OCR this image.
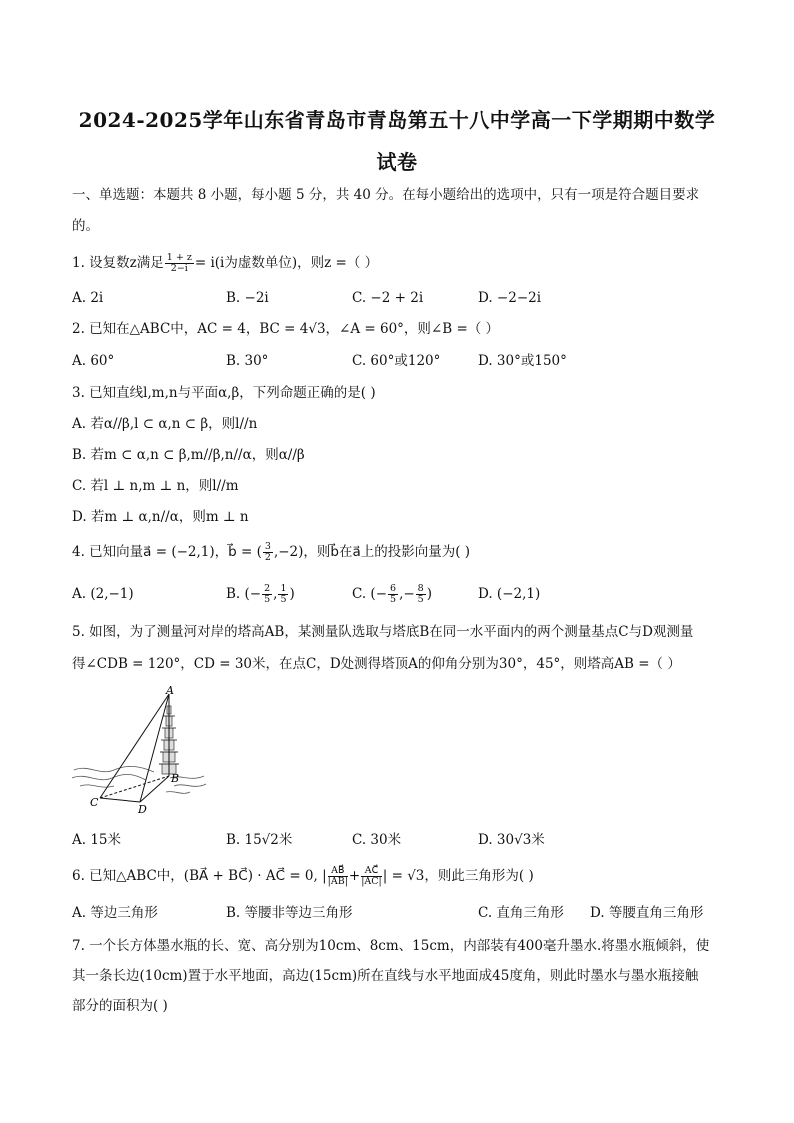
2024-2025学年山东省青岛市青岛第五十八中学高一下学期期中数学
试卷
一、单选题：本题共 8 小题，每小题 5 分，共 40 分。在每小题给出的选项中，只有一项是符合题目要求
的。
1. 设复数z满足 $\frac{1 + z}{2-i} = i(i$为虚数单位)，则z =（ ）
A. 2i	B. −2i	C. −2 + 2i	D. −2−2i
2. 已知在△ABC中，AC = 4，BC = 4√3，∠A = 60°，则∠B =（ ）
A. 60°	B. 30°	C. 60°或120°	D. 30°或150°
3. 已知直线l,m,n与平面α,β，下列命题正确的是( )
A. 若α//β,l ⊂ α,n ⊂ β，则l//n
B. 若m ⊂ α,n ⊂ β,m//β,n//α，则α//β
C. 若l ⊥ n,m ⊥ n，则l//m
D. 若m ⊥ α,n//α，则m ⊥ n
4. 已知向量a⃗ = (−2,1)，b⃗ = ( $\frac{3}{2} ,-2$)，则b⃗在a⃗上的投影向量为( )
A. (2,−1)	B. (− $\frac{2}{5}$ , $\frac{1}{5}$ )	C. (− $\frac{6}{5}$ ,− $\frac{8}{5}$ )	D. (−2,1)
5. 如图，为了测量河对岸的塔高AB，某测量队选取与塔底B在同一水平面内的两个测量基点C与D观测量
得∠CDB = 120°，CD = 30米，在点C，D处测得塔顶A的仰角分别为30°，45°，则塔高AB =（ ）
A
B
C
D
A. 15米	B. 15√2米	C. 30米	D. 30√3米
6. 已知△ABC中，(BA⃗ + BC⃗) · AC⃗ = 0, | $\frac{AB⃗}{|AB|} + \frac{AC⃗}{|AC|}$ | = √3，则此三角形为( )
A. 等边三角形	B. 等腰非等边三角形	C. 直角三角形 D. 等腰直角三角形
7. 一个长方体墨水瓶的长、宽、高分别为10cm、8cm、15cm，内部装有400毫升墨水.将墨水瓶倾斜，使
其一条长边(10cm)置于水平地面，高边(15cm)所在直线与水平地面成45度角，则此时墨水与墨水瓶接触
部分的面积为( )
